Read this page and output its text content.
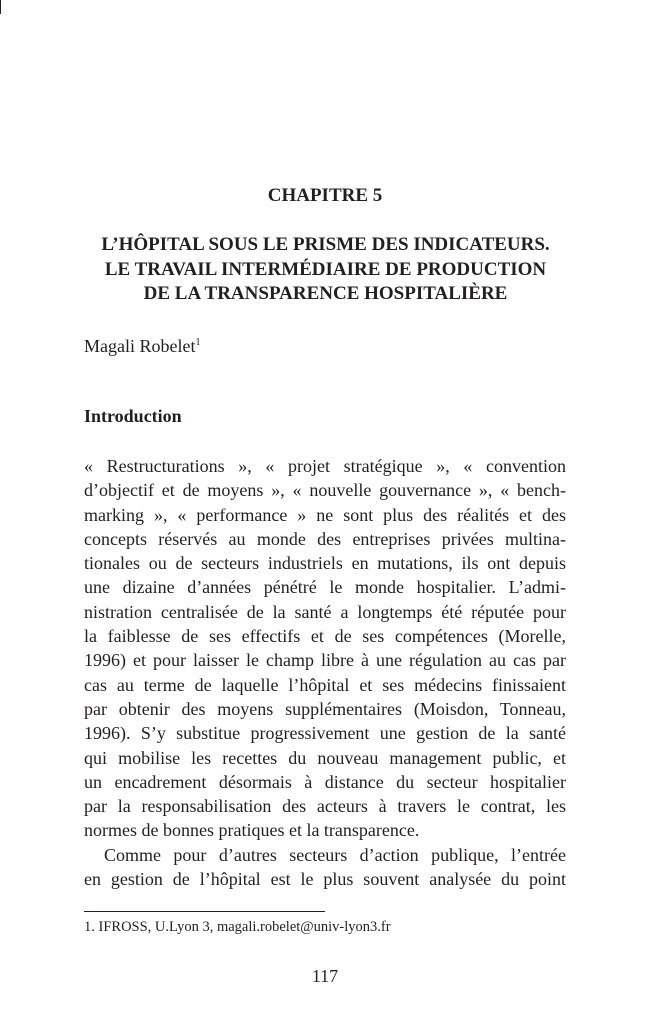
CHAPITRE 5
L’HÔPITAL SOUS LE PRISME DES INDICATEURS.
LE TRAVAIL INTERMÉDIAIRE DE PRODUCTION
DE LA TRANSPARENCE HOSPITALIÈRE
Magali Robelet$^1$
Introduction
« Restructurations », « projet stratégique », « convention
d’objectif et de moyens », « nouvelle gouvernance », « bench-
marking », « performance » ne sont plus des réalités et des
concepts réservés au monde des entreprises privées multina-
tionales ou de secteurs industriels en mutations, ils ont depuis
une dizaine d’années pénétré le monde hospitalier. L’admi-
nistration centralisée de la santé a longtemps été réputée pour
la faiblesse de ses effectifs et de ses compétences (Morelle,
1996) et pour laisser le champ libre à une régulation au cas par
cas au terme de laquelle l’hôpital et ses médecins finissaient
par obtenir des moyens supplémentaires (Moisdon, Tonneau,
1996). S’y substitue progressivement une gestion de la santé
qui mobilise les recettes du nouveau management public, et
un encadrement désormais à distance du secteur hospitalier
par la responsabilisation des acteurs à travers le contrat, les
normes de bonnes pratiques et la transparence.
Comme pour d’autres secteurs d’action publique, l’entrée
en gestion de l’hôpital est le plus souvent analysée du point
1. IFROSS, U.Lyon 3, magali.robelet@univ-lyon3.fr
117
